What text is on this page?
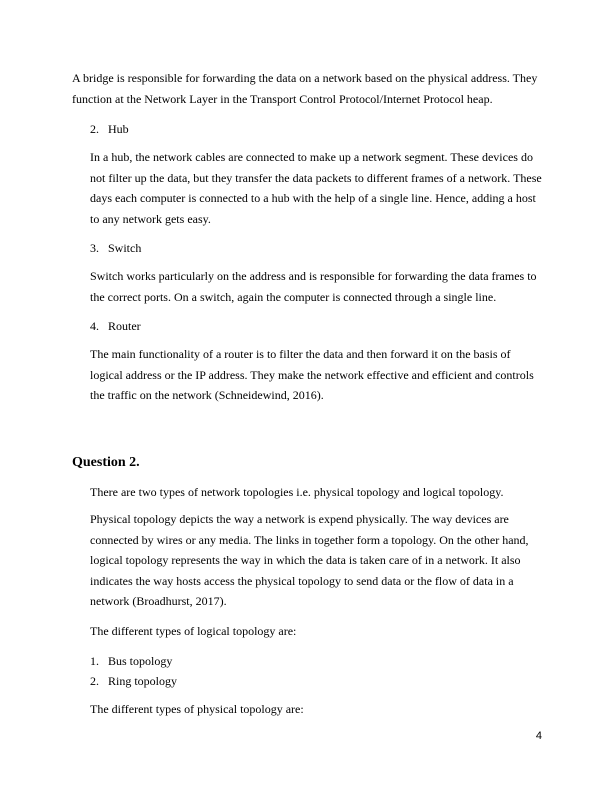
A bridge is responsible for forwarding the data on a network based on the physical address. They function at the Network Layer in the Transport Control Protocol/Internet Protocol heap.

2. Hub

In a hub, the network cables are connected to make up a network segment. These devices do not filter up the data, but they transfer the data packets to different frames of a network. These days each computer is connected to a hub with the help of a single line. Hence, adding a host to any network gets easy.

3. Switch

Switch works particularly on the address and is responsible for forwarding the data frames to the correct ports. On a switch, again the computer is connected through a single line.

4. Router

The main functionality of a router is to filter the data and then forward it on the basis of logical address or the IP address. They make the network effective and efficient and controls the traffic on the network (Schneidewind, 2016).

Question 2.

There are two types of network topologies i.e. physical topology and logical topology.

Physical topology depicts the way a network is expend physically. The way devices are connected by wires or any media. The links in together form a topology. On the other hand, logical topology represents the way in which the data is taken care of in a network. It also indicates the way hosts access the physical topology to send data or the flow of data in a network (Broadhurst, 2017).

The different types of logical topology are:

1. Bus topology
2. Ring topology

The different types of physical topology are:

4
